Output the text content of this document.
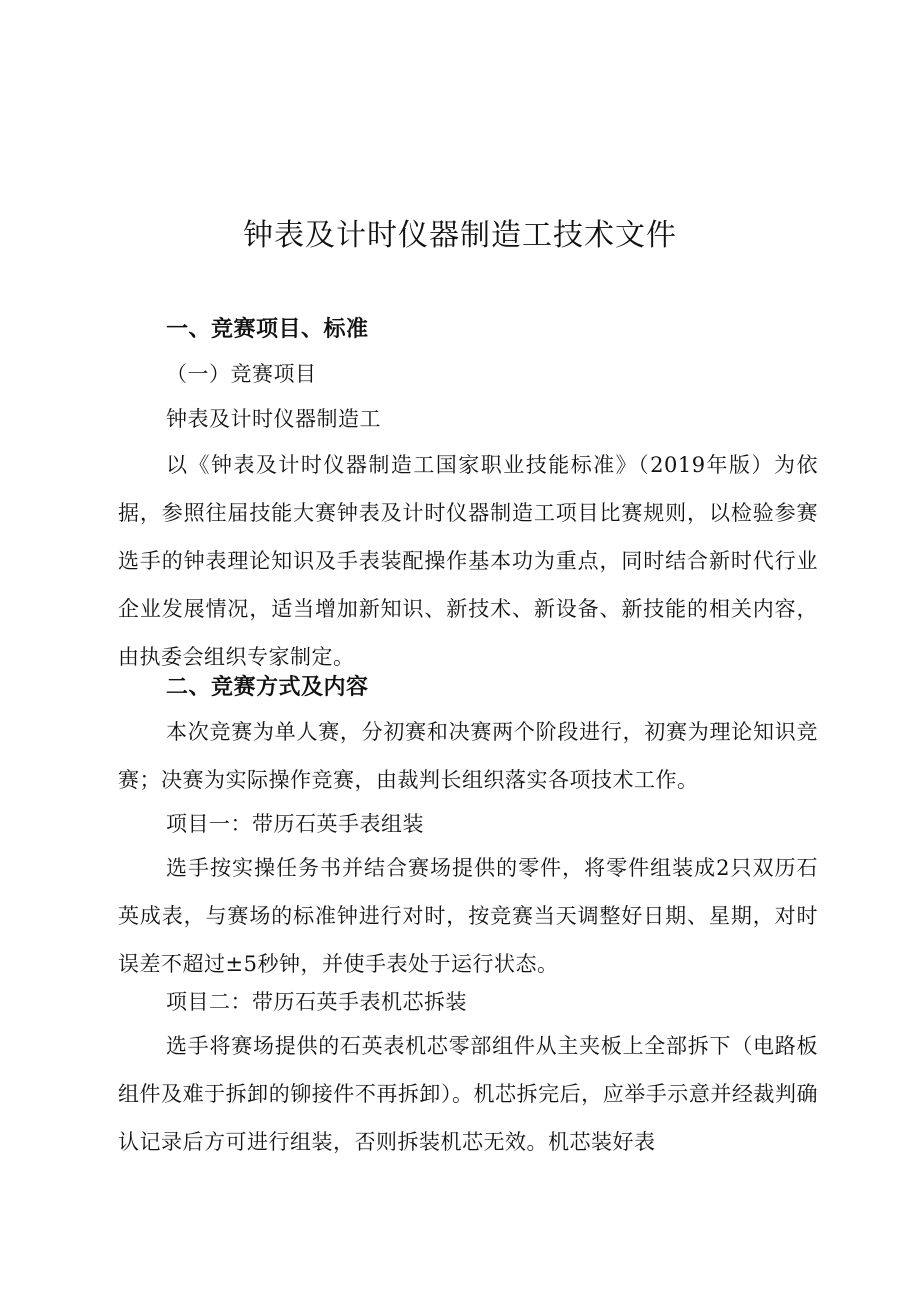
钟表及计时仪器制造工技术文件

一、竞赛项目、标准

（一）竞赛项目

钟表及计时仪器制造工

以《钟表及计时仪器制造工国家职业技能标准》（2019年版）为依据，参照往届技能大赛钟表及计时仪器制造工项目比赛规则，以检验参赛选手的钟表理论知识及手表装配操作基本功为重点，同时结合新时代行业企业发展情况，适当增加新知识、新技术、新设备、新技能的相关内容，由执委会组织专家制定。

二、竞赛方式及内容

本次竞赛为单人赛，分初赛和决赛两个阶段进行，初赛为理论知识竞赛；决赛为实际操作竞赛，由裁判长组织落实各项技术工作。

项目一：带历石英手表组装

选手按实操任务书并结合赛场提供的零件，将零件组装成2只双历石英成表，与赛场的标准钟进行对时，按竞赛当天调整好日期、星期，对时误差不超过±5秒钟，并使手表处于运行状态。

项目二：带历石英手表机芯拆装

选手将赛场提供的石英表机芯零部组件从主夹板上全部拆下（电路板组件及难于拆卸的铆接件不再拆卸）。机芯拆完后，应举手示意并经裁判确认记录后方可进行组装，否则拆装机芯无效。机芯装好表
